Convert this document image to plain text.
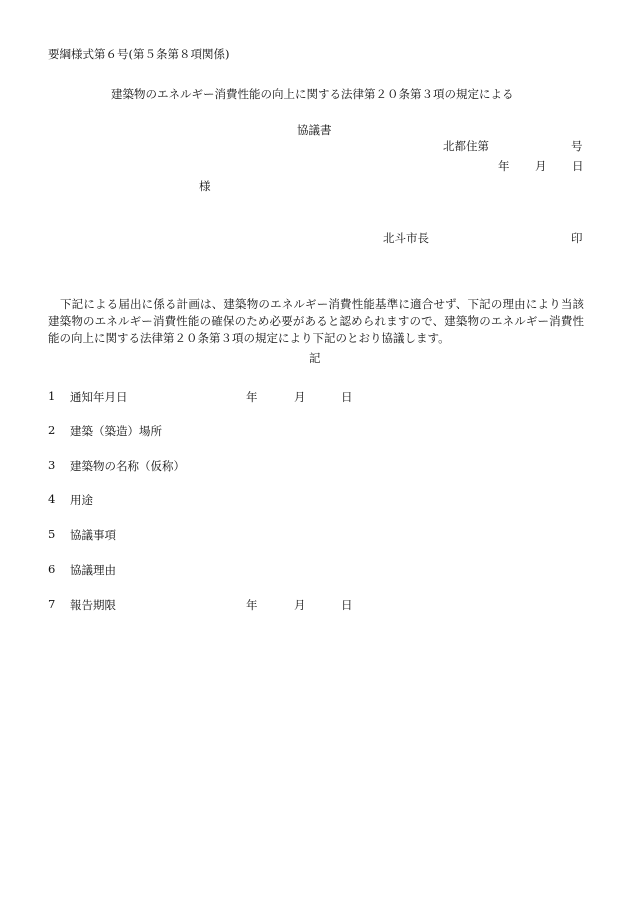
要綱様式第６号(第５条第８項関係)
建築物のエネルギー消費性能の向上に関する法律第２０条第３項の規定による
協議書
北都住第	号
年 月 日
様
北斗市長	印
下記による届出に係る計画は、建築物のエネルギー消費性能基準に適合せず、下記の理由により当該建築物のエネルギー消費性能の確保のため必要があると認められますので、建築物のエネルギー消費性能の向上に関する法律第２０条第３項の規定により下記のとおり協議します。
記
1 通知年月日	年	月	日
2 建築（築造）場所
3 建築物の名称（仮称）
4 用途
5 協議事項
6 協議理由
7 報告期限	年	月	日
